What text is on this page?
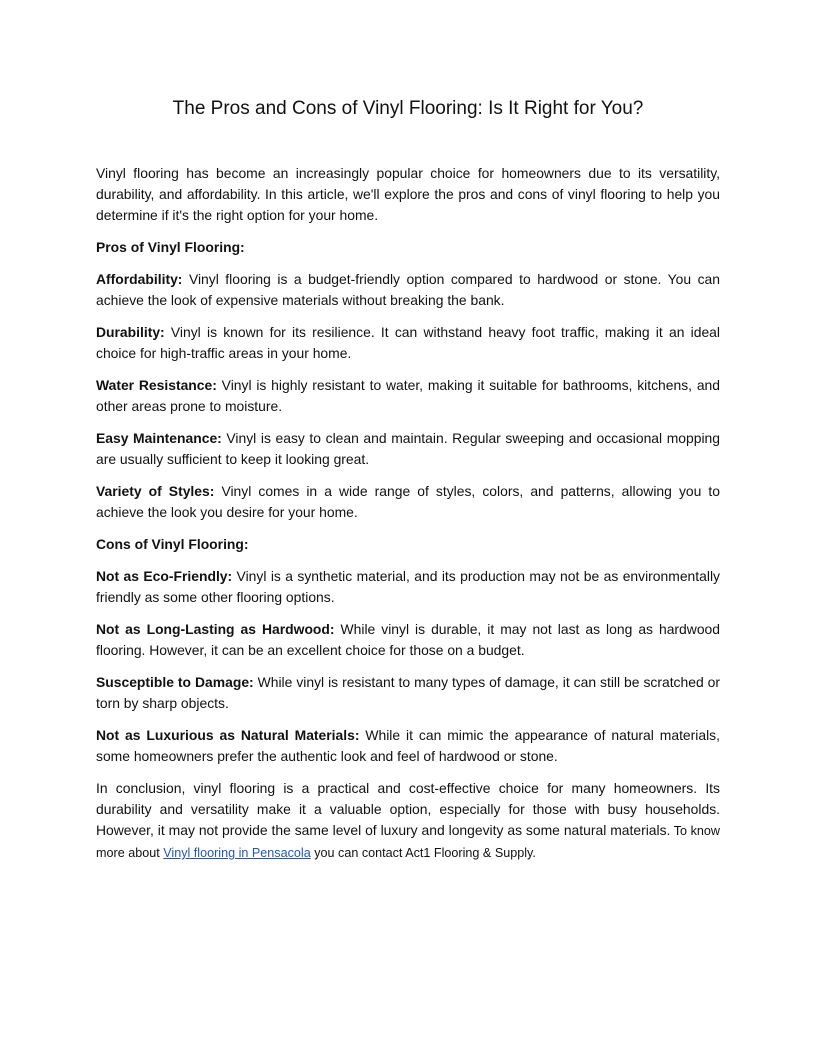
The Pros and Cons of Vinyl Flooring: Is It Right for You?

Vinyl flooring has become an increasingly popular choice for homeowners due to its versatility, durability, and affordability. In this article, we'll explore the pros and cons of vinyl flooring to help you determine if it's the right option for your home.

Pros of Vinyl Flooring:

Affordability: Vinyl flooring is a budget-friendly option compared to hardwood or stone. You can achieve the look of expensive materials without breaking the bank.

Durability: Vinyl is known for its resilience. It can withstand heavy foot traffic, making it an ideal choice for high-traffic areas in your home.

Water Resistance: Vinyl is highly resistant to water, making it suitable for bathrooms, kitchens, and other areas prone to moisture.

Easy Maintenance: Vinyl is easy to clean and maintain. Regular sweeping and occasional mopping are usually sufficient to keep it looking great.

Variety of Styles: Vinyl comes in a wide range of styles, colors, and patterns, allowing you to achieve the look you desire for your home.

Cons of Vinyl Flooring:

Not as Eco-Friendly: Vinyl is a synthetic material, and its production may not be as environmentally friendly as some other flooring options.

Not as Long-Lasting as Hardwood: While vinyl is durable, it may not last as long as hardwood flooring. However, it can be an excellent choice for those on a budget.

Susceptible to Damage: While vinyl is resistant to many types of damage, it can still be scratched or torn by sharp objects.

Not as Luxurious as Natural Materials: While it can mimic the appearance of natural materials, some homeowners prefer the authentic look and feel of hardwood or stone.

In conclusion, vinyl flooring is a practical and cost-effective choice for many homeowners. Its durability and versatility make it a valuable option, especially for those with busy households. However, it may not provide the same level of luxury and longevity as some natural materials. To know more about Vinyl flooring in Pensacola you can contact Act1 Flooring & Supply.
